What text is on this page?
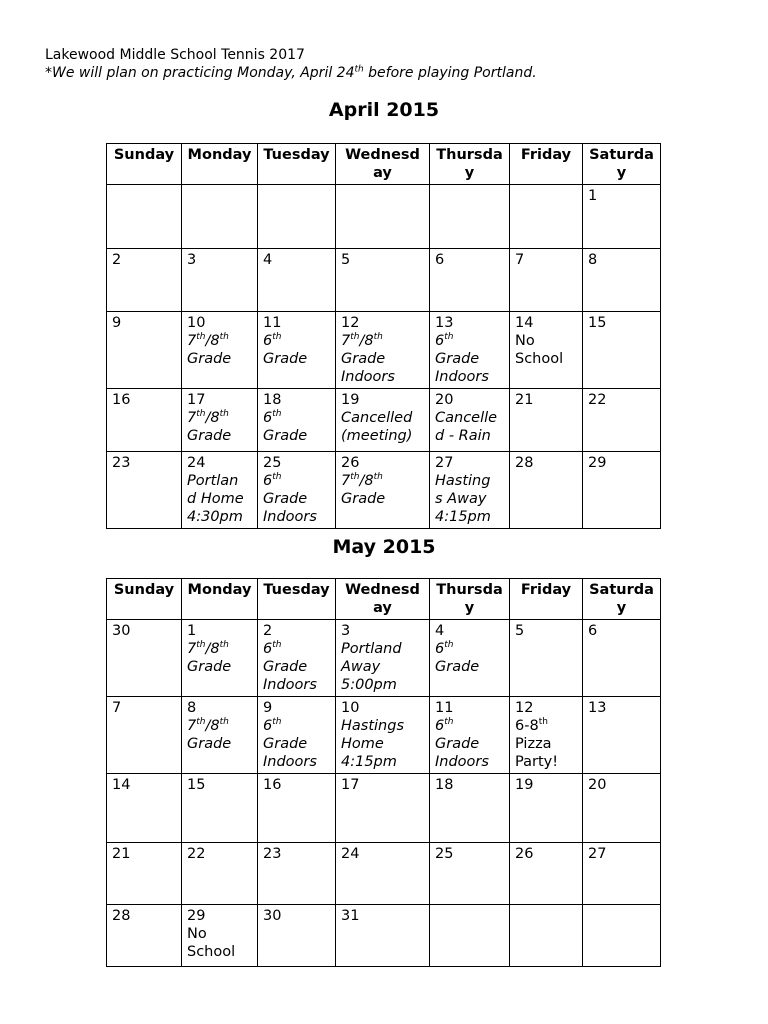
Lakewood Middle School Tennis 2017
*We will plan on practicing Monday, April 24th before playing Portland.
April 2015
Sunday	Monday	Tuesday	Wednesday	Thursday	Friday	Saturday

						1

2	3	4	5	6	7	8

9	10
7th/8th
Grade	11
6th
Grade	12
7th/8th
Grade
Indoors	13
6th
Grade
Indoors	14
No
School	15

16	17
7th/8th
Grade	18
6th
Grade	19
Cancelled
(meeting)	20
Cancelle
d - Rain	21	22

23	24
Portlan
d Home
4:30pm	25
6th
Grade
Indoors	26
7th/8th
Grade	27
Hasting
s Away
4:15pm	28	29
May 2015
Sunday	Monday	Tuesday	Wednesday	Thursday	Friday	Saturday

30	1
7th/8th
Grade	2
6th
Grade
Indoors	3
Portland
Away
5:00pm	4
6th
Grade	5	6

7	8
7th/8th
Grade	9
6th
Grade
Indoors	10
Hastings
Home
4:15pm	11
6th
Grade
Indoors	12
6-8th
Pizza
Party!	13

14	15	16	17	18	19	20

21	22	23	24	25	26	27

28	29
No
School	30	31			
